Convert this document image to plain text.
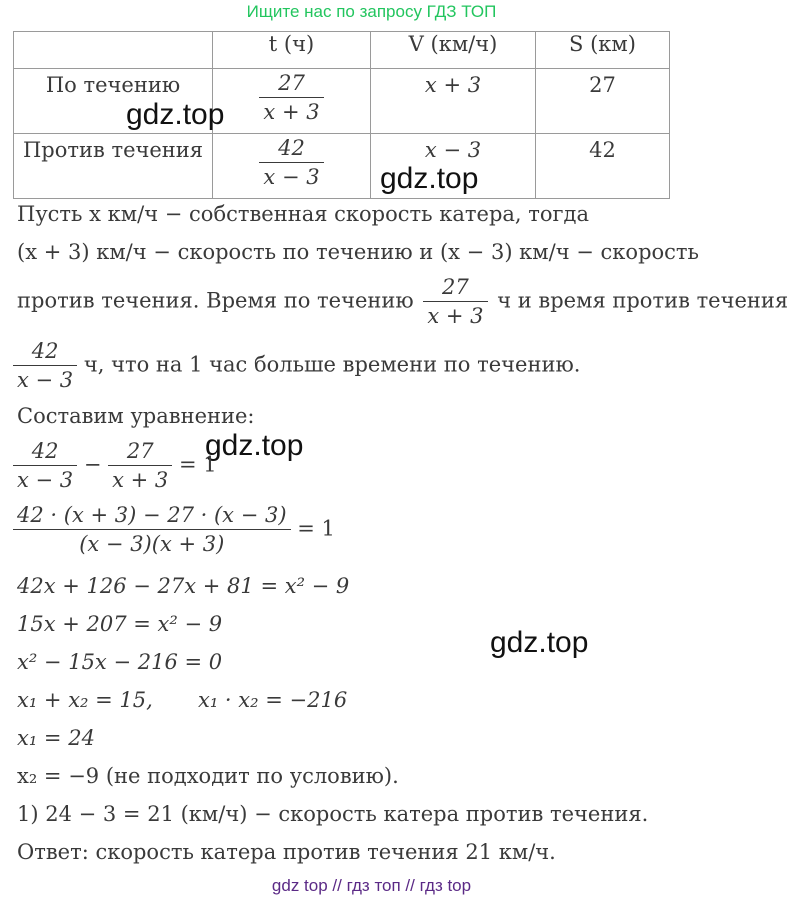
Ищите нас по запросу ГДЗ ТОП
	t (ч)	V (км/ч)	S (км)

По течению	$\frac{27}{x + 3}$	x + 3	27

Против течения	$\frac{42}{x - 3}$	x − 3	42
gdz.top
gdz.top
gdz.top
gdz.top
Пусть x км/ч − собственная скорость катера, тогда
(x + 3) км/ч − скорость по течению и (x − 3) км/ч − скорость
против течения. Время по течению $\frac{27}{x + 3}$ ч и время против течения
$\frac{42}{x - 3} ч$, что на 1 час больше времени по течению.
Составим уравнение:
$\frac{42}{x - 3} - \frac{27}{x + 3} = 1$
$\frac{42 \cdot (x + 3) - 27 \cdot (x - 3)}{(x - 3)(x + 3)} = 1$
42x + 126 − 27x + 81 = x² − 9
15x + 207 = x² − 9
x² − 15x − 216 = 0
x₁ + x₂ = 15, x₁ · x₂ = −216
x₁ = 24
x₂ = −9 (не подходит по условию).
1) 24 − 3 = 21 (км/ч) − скорость катера против течения.
Ответ: скорость катера против течения 21 км/ч.
gdz top // гдз топ // гдз top
